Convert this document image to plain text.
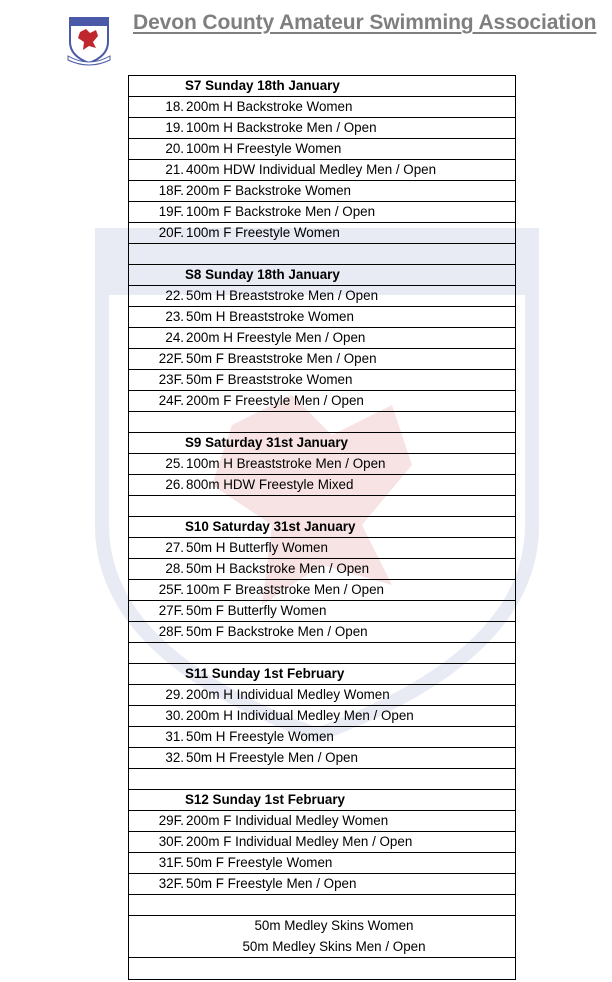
Devon County Amateur Swimming Association
S7 Sunday 18th January
18. 200m H Backstroke Women
19. 100m H Backstroke Men / Open
20. 100m H Freestyle Women
21. 400m HDW Individual Medley Men / Open
18F. 200m F Backstroke Women
19F. 100m F Backstroke Men / Open
20F. 100m F Freestyle Women
S8 Sunday 18th January
22. 50m H Breaststroke Men / Open
23. 50m H Breaststroke Women
24. 200m H Freestyle Men / Open
22F. 50m F Breaststroke Men / Open
23F. 50m F Breaststroke Women
24F. 200m F Freestyle Men / Open
S9 Saturday 31st January
25. 100m H Breaststroke Men / Open
26. 800m HDW Freestyle Mixed
S10 Saturday 31st January
27. 50m H Butterfly Women
28. 50m H Backstroke Men / Open
25F. 100m F Breaststroke Men / Open
27F. 50m F Butterfly Women
28F. 50m F Backstroke Men / Open
S11 Sunday 1st February
29. 200m H Individual Medley Women
30. 200m H Individual Medley Men / Open
31. 50m H Freestyle Women
32. 50m H Freestyle Men / Open
S12 Sunday 1st February
29F. 200m F Individual Medley Women
30F. 200m F Individual Medley Men / Open
31F. 50m F Freestyle Women
32F. 50m F Freestyle Men / Open
50m Medley Skins Women
50m Medley Skins Men / Open
